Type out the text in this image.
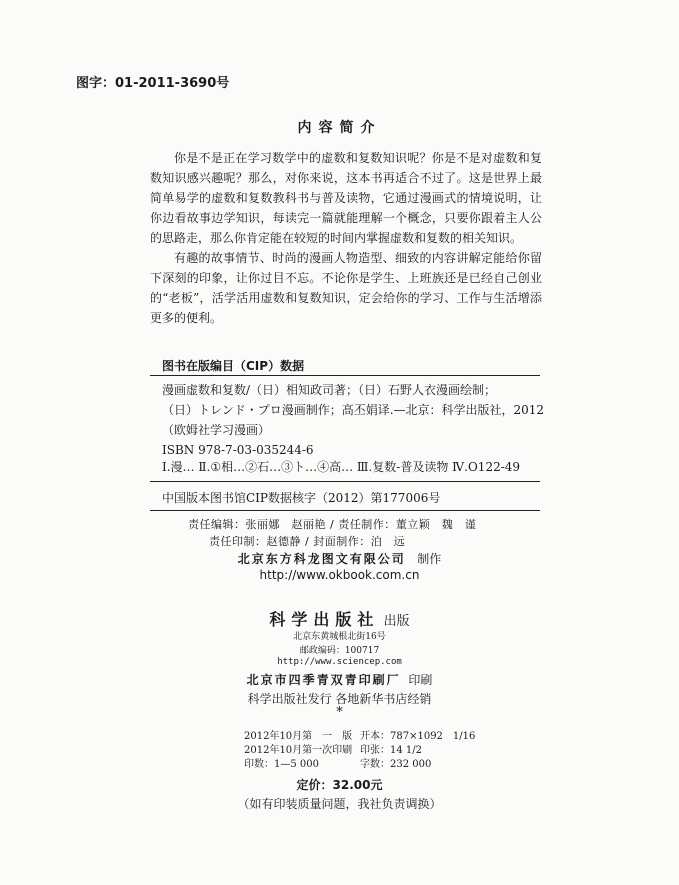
图字：01-2011-3690号
内容简介

你是不是正在学习数学中的虚数和复数知识呢？你是不是对虚数和复数知识感兴趣呢？那么，对你来说，这本书再适合不过了。这是世界上最简单易学的虚数和复数教科书与普及读物，它通过漫画式的情境说明，让你边看故事边学知识，每读完一篇就能理解一个概念，只要你跟着主人公的思路走，那么你肯定能在较短的时间内掌握虚数和复数的相关知识。

有趣的故事情节、时尚的漫画人物造型、细致的内容讲解定能给你留下深刻的印象，让你过目不忘。不论你是学生、上班族还是已经自己创业的“老板”，活学活用虚数和复数知识，定会给你的学习、工作与生活增添更多的便利。

图书在版编目（CIP）数据
漫画虚数和复数/（日）相知政司著；（日）石野人衣漫画绘制；
（日）トレンド・プロ漫画制作；高丕娟译.—北京：科学出版社，2012
（欧姆社学习漫画）
ISBN 978-7-03-035244-6
Ⅰ.漫… Ⅱ.①相…②石…③ト…④高… Ⅲ.复数-普及读物 Ⅳ.O122-49
中国版本图书馆CIP数据核字（2012）第177006号
责任编辑：张丽娜　赵丽艳 / 责任制作：董立颖　魏　谨
责任印制：赵德静 / 封面制作：泊　远
北京东方科龙图文有限公司 制作
http://www.okbook.com.cn
科学出版社 出版
北京东黄城根北街16号
邮政编码：100717
http://www.sciencep.com
北京市四季青双青印刷厂 印刷
科学出版社发行 各地新华书店经销
*
2012年10月第　一　版 开本：787×1092　1/16
2012年10月第一次印刷 印张：14 1/2
印数：1—5 000	字数：232 000
定价：32.00元
（如有印装质量问题，我社负责调换）
